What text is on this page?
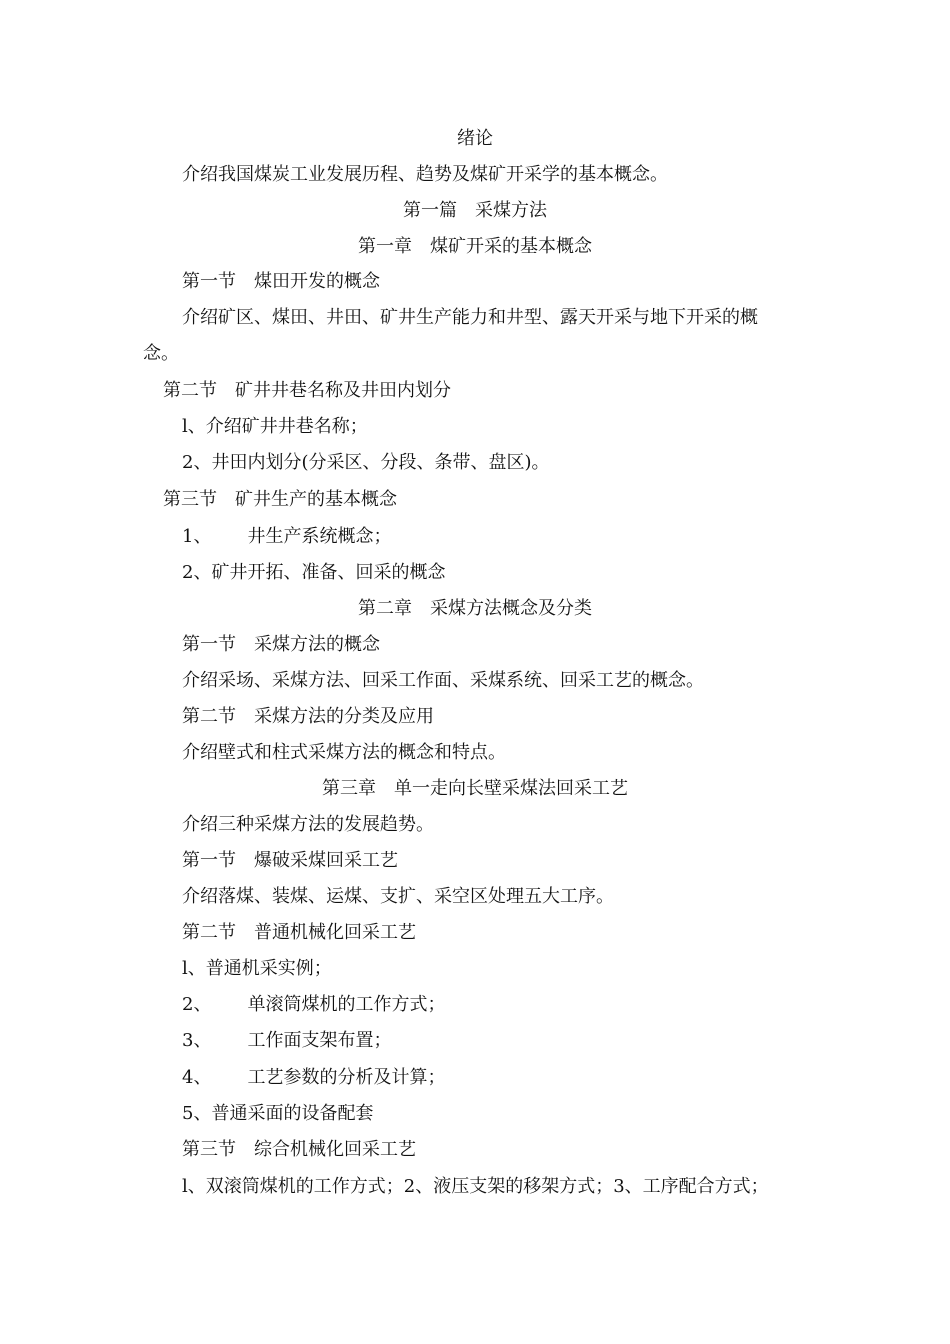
绪论
介绍我国煤炭工业发展历程、趋势及煤矿开采学的基本概念。
第一篇 采煤方法
第一章 煤矿开采的基本概念
第一节 煤田开发的概念
介绍矿区、煤田、井田、矿井生产能力和井型、露天开采与地下开采的概
念。
第二节 矿井井巷名称及井田内划分
l、介绍矿井井巷名称；
2、井田内划分(分采区、分段、条带、盘区)。
第三节 矿井生产的基本概念
1、 井生产系统概念；
2、矿井开拓、准备、回采的概念
第二章 采煤方法概念及分类
第一节 采煤方法的概念
介绍采场、采煤方法、回采工作面、采煤系统、回采工艺的概念。
第二节 采煤方法的分类及应用
介绍壁式和柱式采煤方法的概念和特点。
第三章 单一走向长壁采煤法回采工艺
介绍三种采煤方法的发展趋势。
第一节 爆破采煤回采工艺
介绍落煤、装煤、运煤、支扩、采空区处理五大工序。
第二节 普通机械化回采工艺
l、普通机采实例；
2、 单滚筒煤机的工作方式；
3、 工作面支架布置；
4、 工艺参数的分析及计算；
5、普通采面的设备配套
第三节 综合机械化回采工艺
l、双滚筒煤机的工作方式；2、液压支架的移架方式；3、工序配合方式；
